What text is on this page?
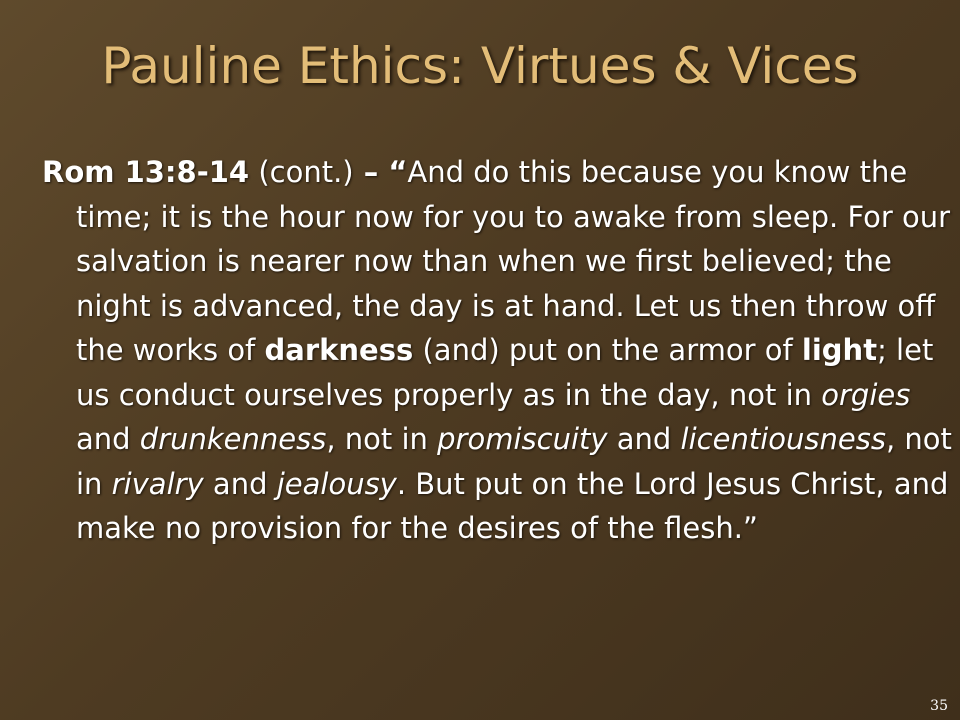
Pauline Ethics: Virtues & Vices
Rom 13:8-14 (cont.) – “And do this because you know the time; it is the hour now for you to awake from sleep. For our salvation is nearer now than when we first believed; the night is advanced, the day is at hand. Let us then throw off the works of darkness (and) put on the armor of light; let us conduct ourselves properly as in the day, not in orgies and drunkenness, not in promiscuity and licentiousness, not in rivalry and jealousy. But put on the Lord Jesus Christ, and make no provision for the desires of the flesh.”
35
